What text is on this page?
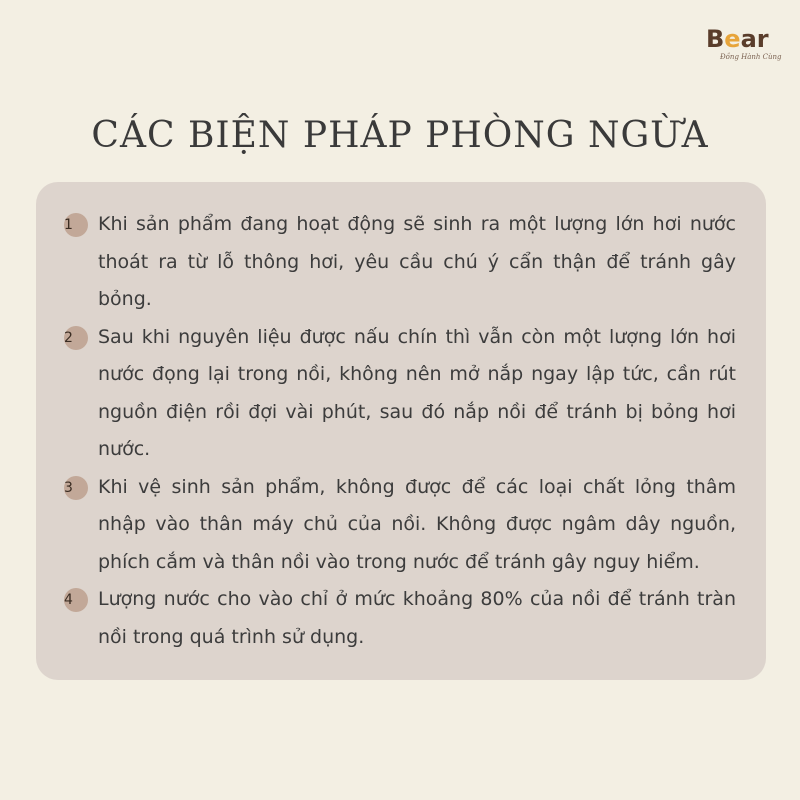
Bear
Đồng Hành Cùng
CÁC BIỆN PHÁP PHÒNG NGỪA
1	Khi sản phẩm đang hoạt động sẽ sinh ra một lượng lớn hơi nước thoát ra từ lỗ thông hơi, yêu cầu chú ý cẩn thận để tránh gây bỏng.
2	Sau khi nguyên liệu được nấu chín thì vẫn còn một lượng lớn hơi nước đọng lại trong nồi, không nên mở nắp ngay lập tức, cần rút nguồn điện rồi đợi vài phút, sau đó nắp nồi để tránh bị bỏng hơi nước.
3	Khi vệ sinh sản phẩm, không được để các loại chất lỏng thâm nhập vào thân máy chủ của nồi. Không được ngâm dây nguồn, phích cắm và thân nồi vào trong nước để tránh gây nguy hiểm.
4	Lượng nước cho vào chỉ ở mức khoảng 80% của nồi để tránh tràn nồi trong quá trình sử dụng.
